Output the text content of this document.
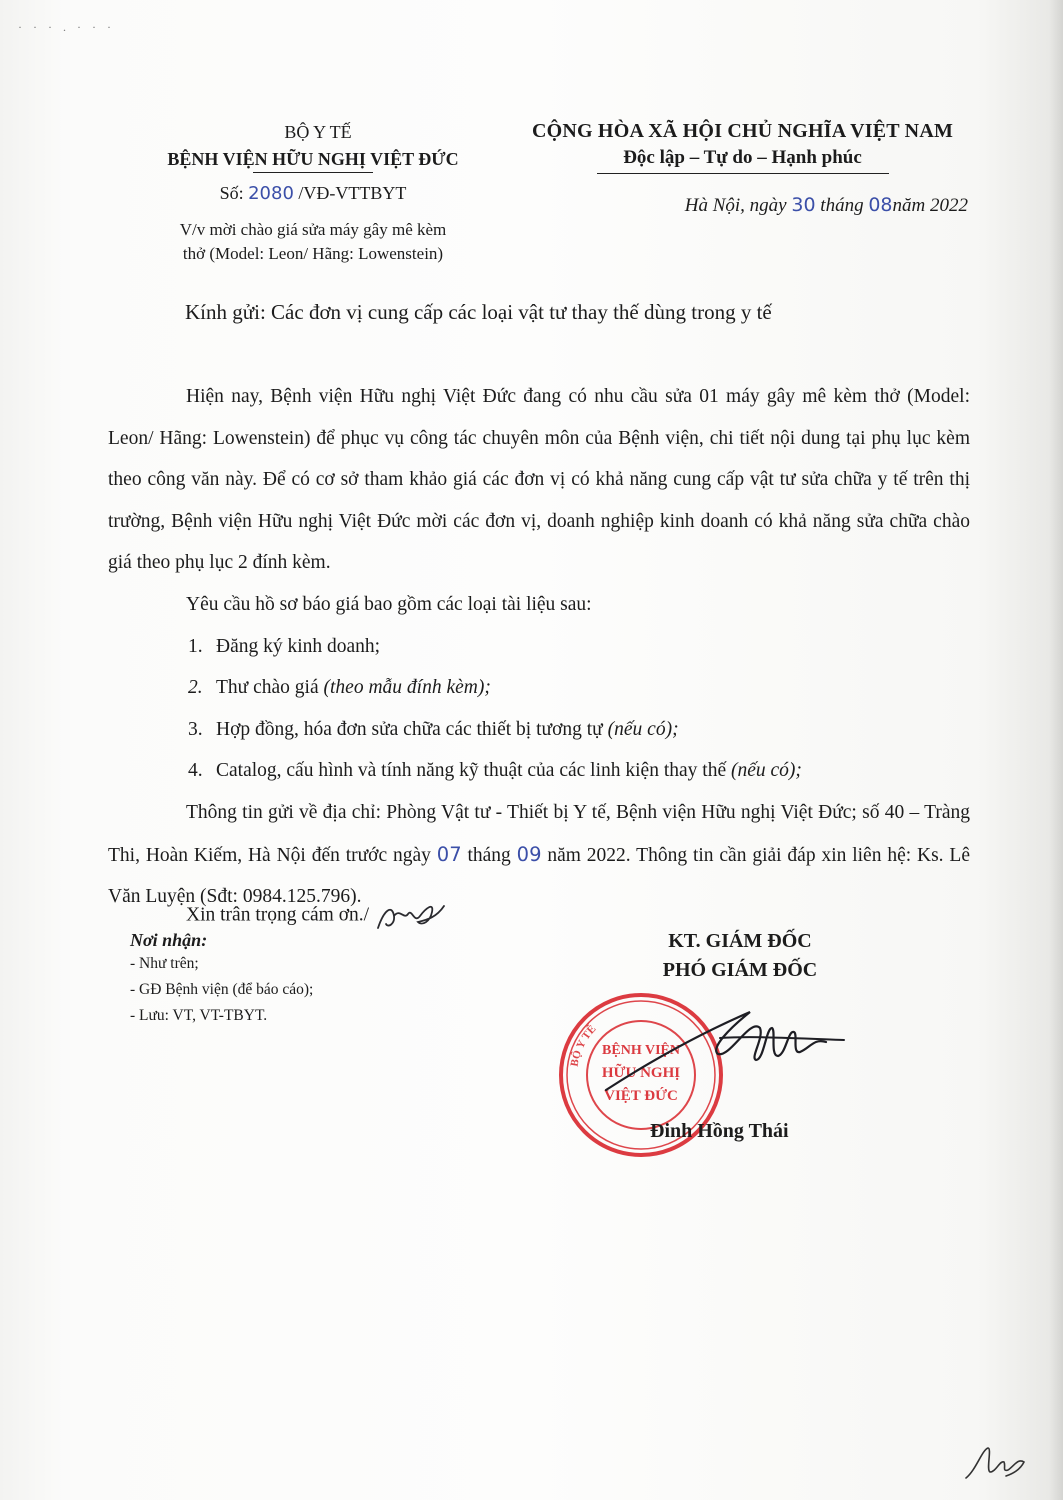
· · · . · · ·
BỘ Y TẾ
BỆNH VIỆN HỮU NGHỊ VIỆT ĐỨC
Số: 2080 /VĐ-VTTBYT
V/v mời chào giá sửa máy gây mê kèm
thở (Model: Leon/ Hãng: Lowenstein)
CỘNG HÒA XÃ HỘI CHỦ NGHĨA VIỆT NAM
Độc lập – Tự do – Hạnh phúc
Hà Nội, ngày 30 tháng 08năm 2022
Kính gửi: Các đơn vị cung cấp các loại vật tư thay thế dùng trong y tế

Hiện nay, Bệnh viện Hữu nghị Việt Đức đang có nhu cầu sửa 01 máy gây mê kèm thở (Model: Leon/ Hãng: Lowenstein) để phục vụ công tác chuyên môn của Bệnh viện, chi tiết nội dung tại phụ lục kèm theo công văn này. Để có cơ sở tham khảo giá các đơn vị có khả năng cung cấp vật tư sửa chữa y tế trên thị trường, Bệnh viện Hữu nghị Việt Đức mời các đơn vị, doanh nghiệp kinh doanh có khả năng sửa chữa chào giá theo phụ lục 2 đính kèm.

Yêu cầu hồ sơ báo giá bao gồm các loại tài liệu sau:

1. Đăng ký kinh doanh;

2. Thư chào giá (theo mẫu đính kèm);

3. Hợp đồng, hóa đơn sửa chữa các thiết bị tương tự (nếu có);

4. Catalog, cấu hình và tính năng kỹ thuật của các linh kiện thay thế (nếu có);

Thông tin gửi về địa chỉ: Phòng Vật tư - Thiết bị Y tế, Bệnh viện Hữu nghị Việt Đức; số 40 – Tràng Thi, Hoàn Kiếm, Hà Nội đến trước ngày 07 tháng 09 năm 2022. Thông tin cần giải đáp xin liên hệ: Ks. Lê Văn Luyện (Sđt: 0984.125.796).

Xin trân trọng cám ơn./
Nơi nhận:
- Như trên;
- GĐ Bệnh viện (để báo cáo);
- Lưu: VT, VT-TBYT.
KT. GIÁM ĐỐC
PHÓ GIÁM ĐỐC
BỘ Y TẾ
BỆNH VIỆN
HỮU NGHỊ
VIỆT ĐỨC
Đinh Hồng Thái
